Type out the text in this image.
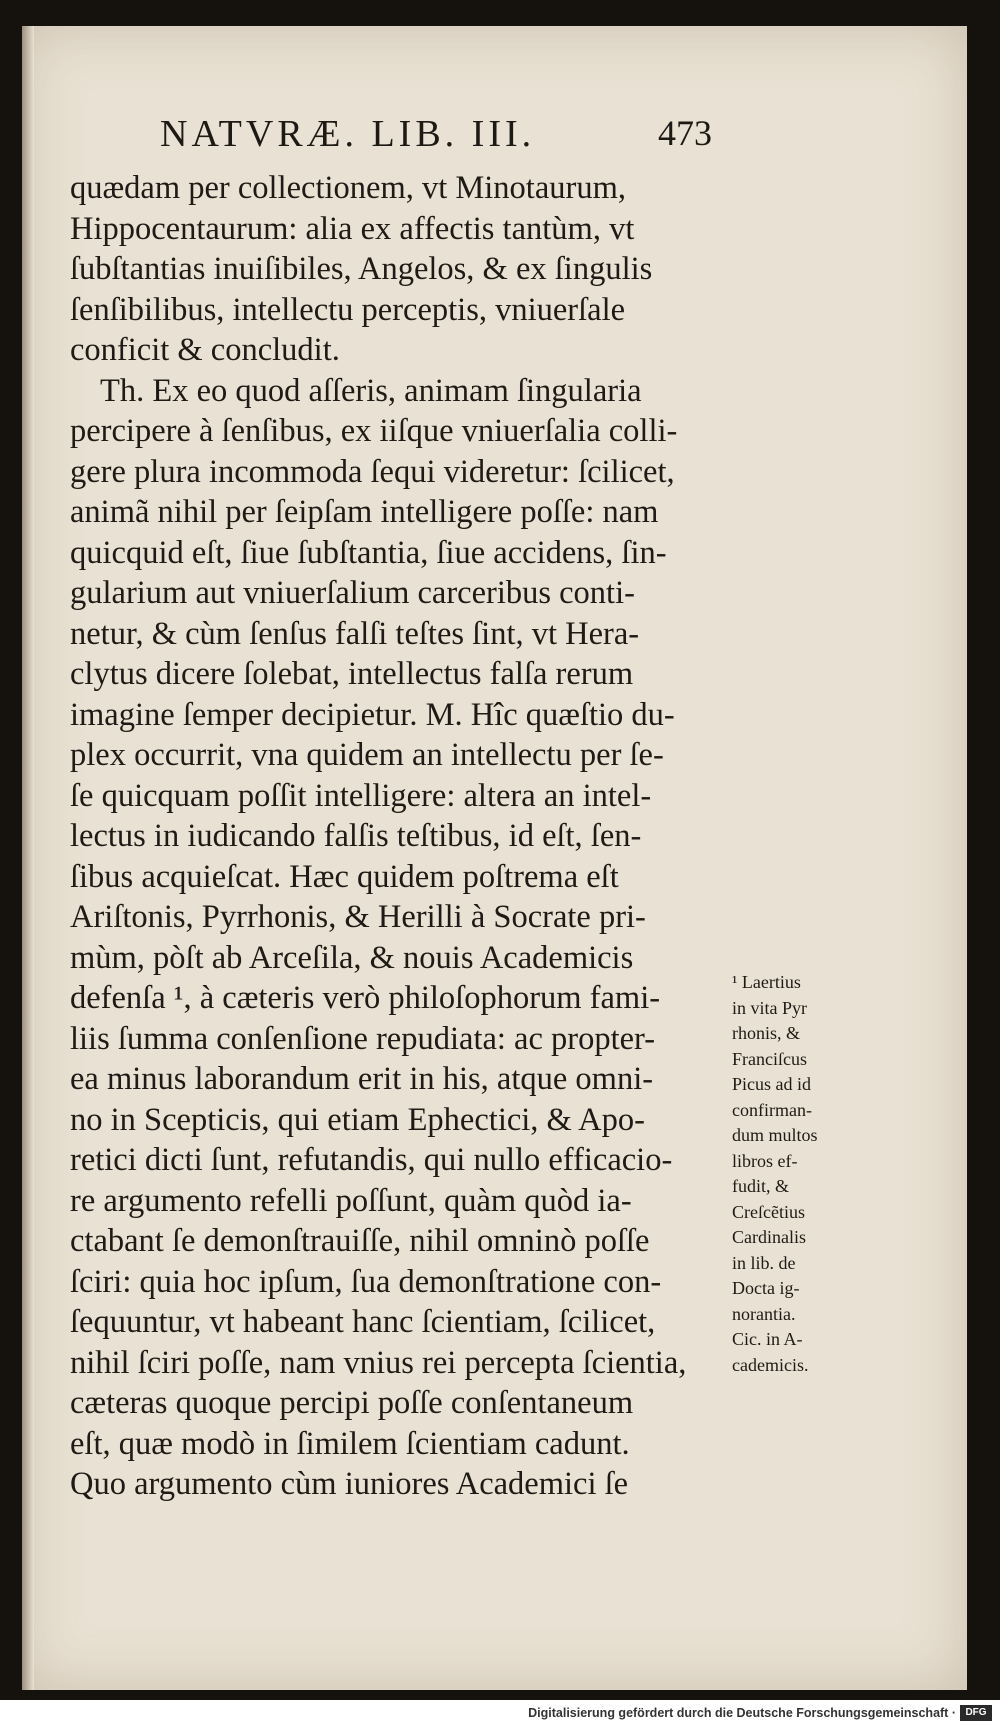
NATVRÆ. LIB. III.	473
quædam per collectionem, vt Minotaurum,
Hippocentaurum: alia ex affectis tantùm, vt
ſubſtantias inuiſibiles, Angelos, & ex ſingulis
ſenſibilibus, intellectu perceptis, vniuerſale
conficit & concludit.
Th. Ex eo quod aſſeris, animam ſingularia
percipere à ſenſibus, ex iiſque vniuerſalia colli-
gere plura incommoda ſequi videretur: ſcilicet,
animã nihil per ſeipſam intelligere poſſe: nam
quicquid eſt, ſiue ſubſtantia, ſiue accidens, ſin-
gularium aut vniuerſalium carceribus conti-
netur, & cùm ſenſus falſi teſtes ſint, vt Hera-
clytus dicere ſolebat, intellectus falſa rerum
imagine ſemper decipietur. M. Hîc quæſtio du-
plex occurrit, vna quidem an intellectu per ſe-
ſe quicquam poſſit intelligere: altera an intel-
lectus in iudicando falſis teſtibus, id eſt, ſen-
ſibus acquieſcat. Hæc quidem poſtrema eſt
Ariſtonis, Pyrrhonis, & Herilli à Socrate pri-
mùm, pòſt ab Arceſila, & nouis Academicis
defenſa ¹, à cæteris verò philoſophorum fami-
liis ſumma conſenſione repudiata: ac propter-
ea minus laborandum erit in his, atque omni-
no in Scepticis, qui etiam Ephectici, & Apo-
retici dicti ſunt, refutandis, qui nullo efficacio-
re argumento refelli poſſunt, quàm quòd ia-
ctabant ſe demonſtrauiſſe, nihil omninò poſſe
ſciri: quia hoc ipſum, ſua demonſtratione con-
ſequuntur, vt habeant hanc ſcientiam, ſcilicet,
nihil ſciri poſſe, nam vnius rei percepta ſcientia,
cæteras quoque percipi poſſe conſentaneum
eſt, quæ modò in ſimilem ſcientiam cadunt.
Quo argumento cùm iuniores Academici ſe
¹ Laertius
in vita Pyr
rhonis, &
Franciſcus
Picus ad id
confirman-
dum multos
libros ef-
fudit, &
Creſcẽtius
Cardinalis
in lib. de
Docta ig-
norantia.
Cic. in A-
cademicis.
Digitalisierung gefördert durch die Deutsche Forschungsgemeinschaft · DFG
